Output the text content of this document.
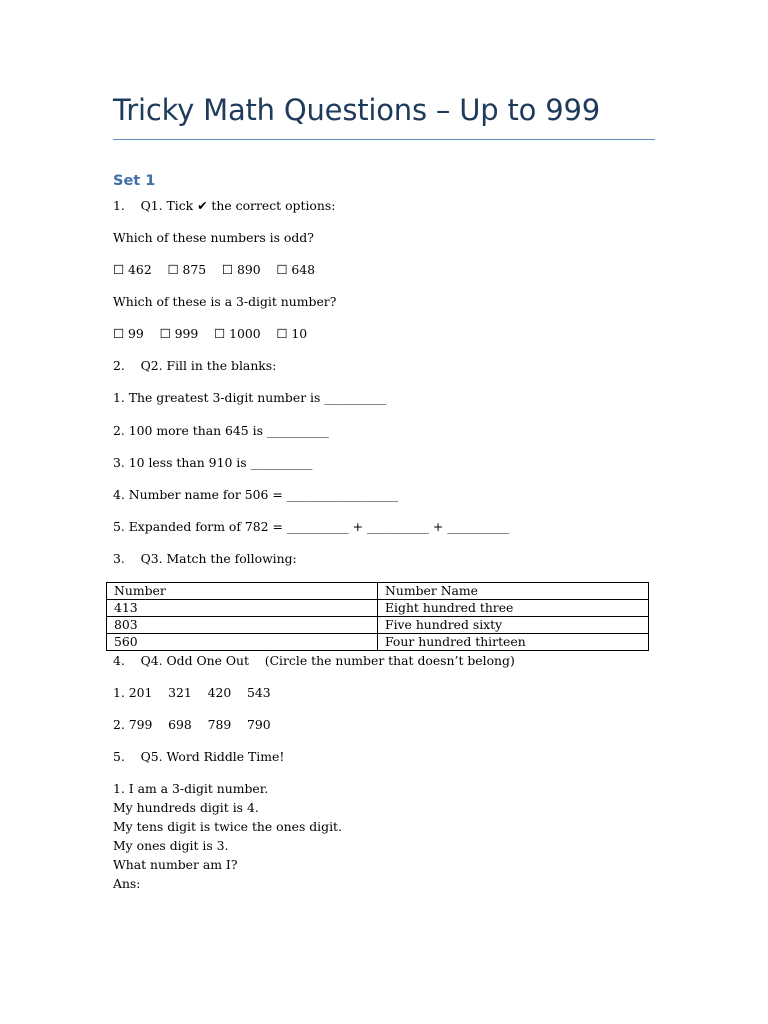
Tricky Math Questions – Up to 999
Set 1
1.    Q1. Tick ✔ the correct options:
Which of these numbers is odd?
☐ 462    ☐ 875    ☐ 890    ☐ 648
Which of these is a 3-digit number?
☐ 99    ☐ 999    ☐ 1000    ☐ 10
2.    Q2. Fill in the blanks:
1. The greatest 3-digit number is __________
2. 100 more than 645 is __________
3. 10 less than 910 is __________
4. Number name for 506 = __________________
5. Expanded form of 782 = __________ + __________ + __________
3.    Q3. Match the following:
Number	Number Name
413	Eight hundred three
803	Five hundred sixty
560	Four hundred thirteen
4.    Q4. Odd One Out    (Circle the number that doesn’t belong)
1. 201    321    420    543
2. 799    698    789    790
5.    Q5. Word Riddle Time!
1. I am a 3-digit number.
My hundreds digit is 4.
My tens digit is twice the ones digit.
My ones digit is 3.
What number am I?
Ans:
